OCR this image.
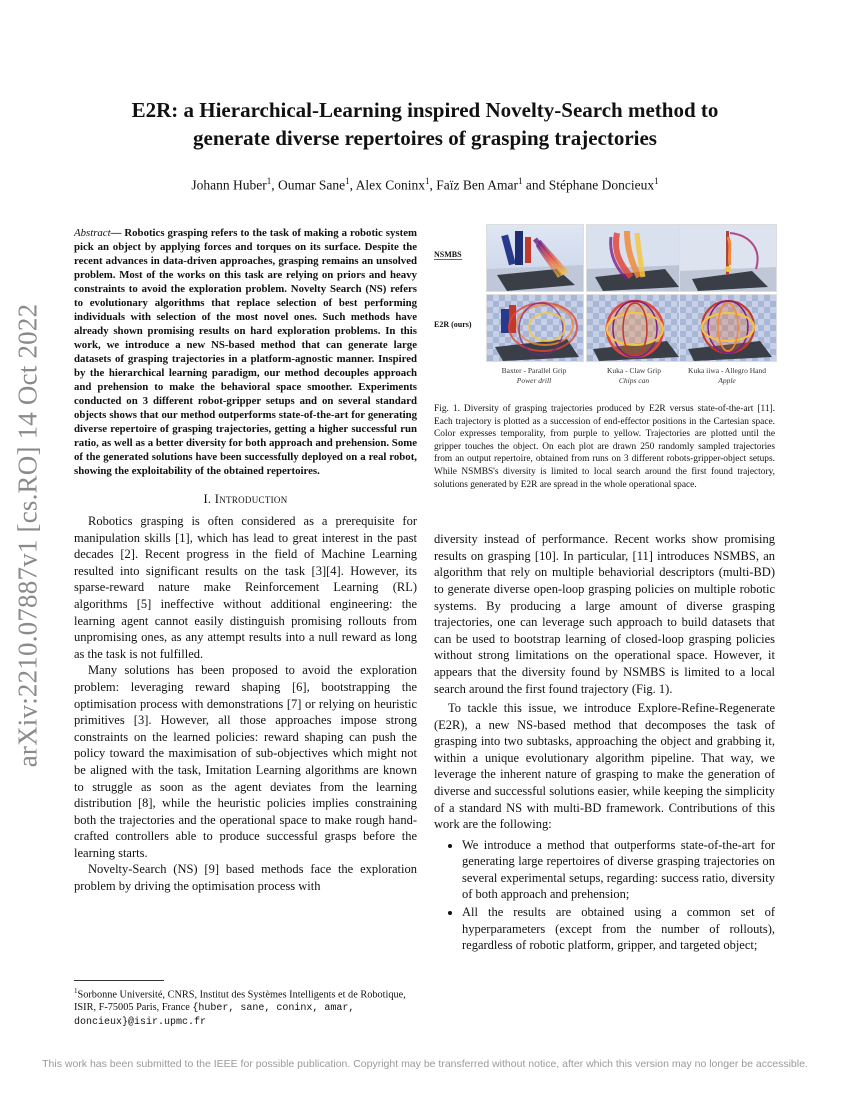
arXiv:2210.07887v1 [cs.RO] 14 Oct 2022
E2R: a Hierarchical-Learning inspired Novelty-Search method to
generate diverse repertoires of grasping trajectories
Johann Huber$^1$, Oumar Sane$^1$, Alex Coninx$^1$, Faïz Ben Amar$^1$ and Stéphane Doncieux$^1$
Abstract— Robotics grasping refers to the task of making a robotic system pick an object by applying forces and torques on its surface. Despite the recent advances in data-driven approaches, grasping remains an unsolved problem. Most of the works on this task are relying on priors and heavy constraints to avoid the exploration problem. Novelty Search (NS) refers to evolutionary algorithms that replace selection of best performing individuals with selection of the most novel ones. Such methods have already shown promising results on hard exploration problems. In this work, we introduce a new NS-based method that can generate large datasets of grasping trajectories in a platform-agnostic manner. Inspired by the hierarchical learning paradigm, our method decouples approach and prehension to make the behavioral space smoother. Experiments conducted on 3 different robot-gripper setups and on several standard objects shows that our method outperforms state-of-the-art for generating diverse repertoire of grasping trajectories, getting a higher successful run ratio, as well as a better diversity for both approach and prehension. Some of the generated solutions have been successfully deployed on a real robot, showing the exploitability of the obtained repertoires.
I. Introduction

Robotics grasping is often considered as a prerequisite for manipulation skills [1], which has lead to great interest in the past decades [2]. Recent progress in the field of Machine Learning resulted into significant results on the task [3][4]. However, its sparse-reward nature make Reinforcement Learning (RL) algorithms [5] ineffective without additional engineering: the learning agent cannot easily distinguish promising rollouts from unpromising ones, as any attempt results into a null reward as long as the task is not fulfilled.

Many solutions has been proposed to avoid the exploration problem: leveraging reward shaping [6], bootstrapping the optimisation process with demonstrations [7] or relying on heuristic primitives [3]. However, all those approaches impose strong constraints on the learned policies: reward shaping can push the policy toward the maximisation of sub-objectives which might not be aligned with the task, Imitation Learning algorithms are known to struggle as soon as the agent deviates from the learning distribution [8], while the heuristic policies implies constraining both the trajectories and the operational space to make rough hand-crafted controllers able to produce successful grasps before the learning starts.

Novelty-Search (NS) [9] based methods face the exploration problem by driving the optimisation process with

$^1$Sorbonne Université, CNRS, Institut des Systèmes Intelligents et de Robotique, ISIR, F-75005 Paris, France {huber, sane, coninx, amar, doncieux}@isir.upmc.fr
NSMBS
E2R (ours)
Baxter - Parallel Grip
Power drill
Kuka - Claw Grip
Chips can
Kuka iiwa - Allegro Hand
Apple
Fig. 1. Diversity of grasping trajectories produced by E2R versus state-of-the-art [11]. Each trajectory is plotted as a succession of end-effector positions in the Cartesian space. Color expresses temporality, from purple to yellow. Trajectories are plotted until the gripper touches the object. On each plot are drawn 250 randomly sampled trajectories from an output repertoire, obtained from runs on 3 different robots-gripper-object setups. While NSMBS's diversity is limited to local search around the first found trajectory, solutions generated by E2R are spread in the whole operational space.

diversity instead of performance. Recent works show promising results on grasping [10]. In particular, [11] introduces NSMBS, an algorithm that rely on multiple behaviorial descriptors (multi-BD) to generate diverse open-loop grasping policies on multiple robotic systems. By producing a large amount of diverse grasping trajectories, one can leverage such approach to build datasets that can be used to bootstrap learning of closed-loop grasping policies without strong limitations on the operational space. However, it appears that the diversity found by NSMBS is limited to a local search around the first found trajectory (Fig. 1).

To tackle this issue, we introduce Explore-Refine-Regenerate (E2R), a new NS-based method that decomposes the task of grasping into two subtasks, approaching the object and grabbing it, within a unique evolutionary algorithm pipeline. That way, we leverage the inherent nature of grasping to make the generation of diverse and successful solutions easier, while keeping the simplicity of a standard NS with multi-BD framework. Contributions of this work are the following:

• We introduce a method that outperforms state-of-the-art for generating large repertoires of diverse grasping trajectories on several experimental setups, regarding: success ratio, diversity of both approach and prehension;
• All the results are obtained using a common set of hyperparameters (except from the number of rollouts), regardless of robotic platform, gripper, and targeted object;
This work has been submitted to the IEEE for possible publication. Copyright may be transferred without notice, after which this version may no longer be accessible.
